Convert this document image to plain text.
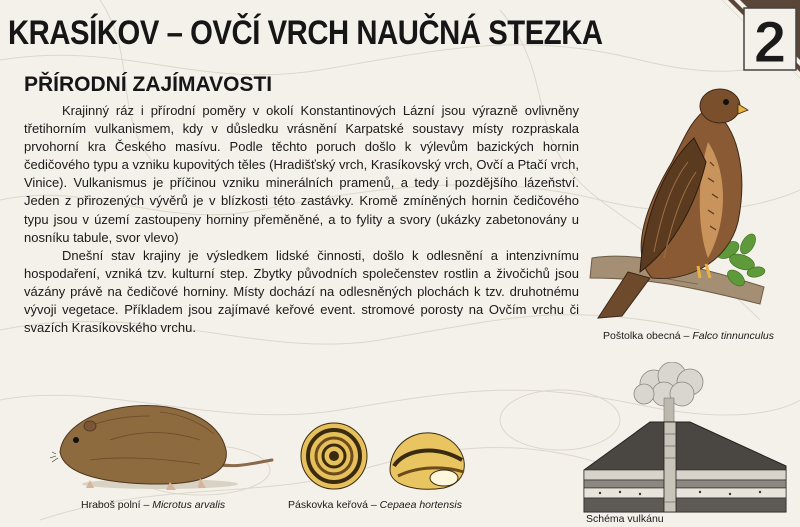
KRASÍKOV – OVČÍ VRCH NAUČNÁ STEZKA	2
PŘÍRODNÍ ZAJÍMAVOSTI

Krajinný ráz i přírodní poměry v okolí Konstantinových Lázní jsou výrazně ovlivněny třetihorním vulkanismem, kdy v důsledku vrásnění Karpatské soustavy místy rozpraskala prvohorní kra Českého masívu. Podle těchto poruch došlo k výlevům bazických hornin čedičového typu a vzniku kupovitých těles (Hradišťský vrch, Krasíkovský vrch, Ovčí a Ptačí vrch, Vinice). Vulkanismus je příčinou vzniku minerálních pramenů, a tedy i pozdějšího lázeňství. Jeden z přirozených vývěrů je v blízkosti této zastávky. Kromě zmíněných hornin čedičového typu jsou v území zastoupeny horniny přeměněné, a to fylity a svory (ukázky zabetonovány u nosníku tabule, svor vlevo)

Dnešní stav krajiny je výsledkem lidské činnosti, došlo k odlesnění a intenzivnímu hospodaření, vzniká tzv. kulturní step. Zbytky původních společenstev rostlin a živočichů jsou vázány právě na čedičové horniny. Místy dochází na odlesněných plochách k tzv. druhotnému vývoji vegetace. Příkladem jsou zajímavé keřové event. stromové porosty na Ovčím vrchu či svazích Krasíkovského vrchu.

Poštolka obecná – Falco tinnunculus
Schéma vulkánu
Hraboš polní – Microtus arvalis	Páskovka keřová – Cepaea hortensis
